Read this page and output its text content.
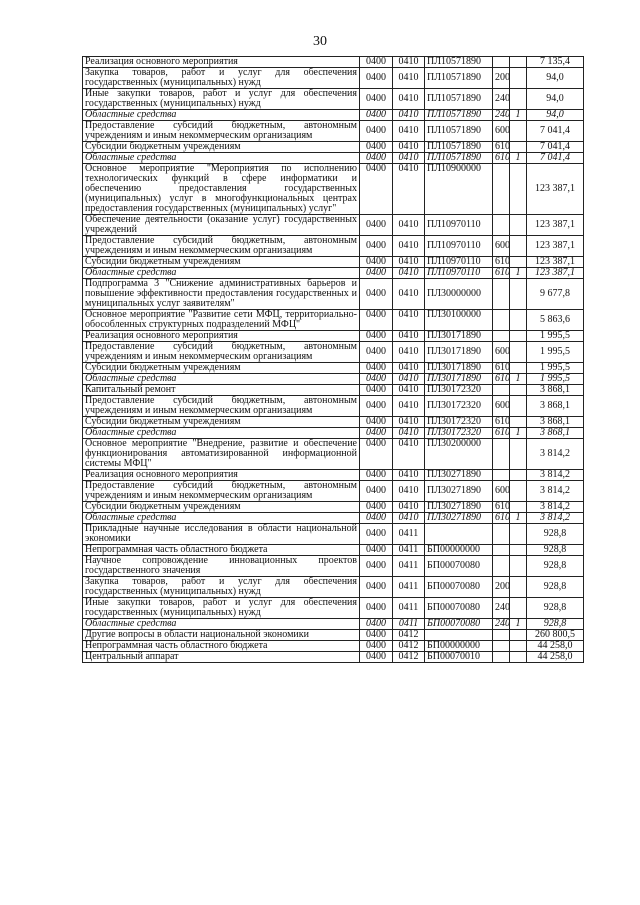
30
Реализация основного мероприятия	0400	0410	ПЛ10571890			7 135,4
Закупка товаров, работ и услуг для обеспечения государственных (муниципальных) нужд	0400	0410	ПЛ10571890	200		94,0
Иные закупки товаров, работ и услуг для обеспечения государственных (муниципальных) нужд	0400	0410	ПЛ10571890	240		94,0
Областные средства	0400	0410	ПЛ10571890	240	1	94,0
Предоставление субсидий бюджетным, автономным учреждениям и иным некоммерческим организациям	0400	0410	ПЛ10571890	600		7 041,4
Субсидии бюджетным учреждениям	0400	0410	ПЛ10571890	610		7 041,4
Областные средства	0400	0410	ПЛ10571890	610	1	7 041,4
Основное мероприятие "Мероприятия по исполнению технологических функций в сфере информатики и обеспечению предоставления государственных (муниципальных) услуг в многофункциональных центрах предоставления государственных (муниципальных) услуг"	0400	0410	ПЛ10900000			123 387,1
Обеспечение деятельности (оказание услуг) государственных учреждений	0400	0410	ПЛ10970110			123 387,1
Предоставление субсидий бюджетным, автономным учреждениям и иным некоммерческим организациям	0400	0410	ПЛ10970110	600		123 387,1
Субсидии бюджетным учреждениям	0400	0410	ПЛ10970110	610		123 387,1
Областные средства	0400	0410	ПЛ10970110	610	1	123 387,1
Подпрограмма 3 "Снижение административных барьеров и повышение эффективности предоставления государственных и муниципальных услуг заявителям"	0400	0410	ПЛ30000000			9 677,8
Основное мероприятие "Развитие сети МФЦ, территориально-обособленных структурных подразделений МФЦ"	0400	0410	ПЛ30100000			5 863,6
Реализация основного мероприятия	0400	0410	ПЛ30171890			1 995,5
Предоставление субсидий бюджетным, автономным учреждениям и иным некоммерческим организациям	0400	0410	ПЛ30171890	600		1 995,5
Субсидии бюджетным учреждениям	0400	0410	ПЛ30171890	610		1 995,5
Областные средства	0400	0410	ПЛ30171890	610	1	1 995,5
Капитальный ремонт	0400	0410	ПЛ30172320			3 868,1
Предоставление субсидий бюджетным, автономным учреждениям и иным некоммерческим организациям	0400	0410	ПЛ30172320	600		3 868,1
Субсидии бюджетным учреждениям	0400	0410	ПЛ30172320	610		3 868,1
Областные средства	0400	0410	ПЛ30172320	610	1	3 868,1
Основное мероприятие "Внедрение, развитие и обеспечение функционирования автоматизированной информационной системы МФЦ"	0400	0410	ПЛ30200000			3 814,2
Реализация основного мероприятия	0400	0410	ПЛ30271890			3 814,2
Предоставление субсидий бюджетным, автономным учреждениям и иным некоммерческим организациям	0400	0410	ПЛ30271890	600		3 814,2
Субсидии бюджетным учреждениям	0400	0410	ПЛ30271890	610		3 814,2
Областные средства	0400	0410	ПЛ30271890	610	1	3 814,2
Прикладные научные исследования в области национальной экономики	0400	0411				928,8
Непрограммная часть областного бюджета	0400	0411	БП00000000			928,8
Научное сопровождение инновационных проектов государственного значения	0400	0411	БП00070080			928,8
Закупка товаров, работ и услуг для обеспечения государственных (муниципальных) нужд	0400	0411	БП00070080	200		928,8
Иные закупки товаров, работ и услуг для обеспечения государственных (муниципальных) нужд	0400	0411	БП00070080	240		928,8
Областные средства	0400	0411	БП00070080	240	1	928,8
Другие вопросы в области национальной экономики	0400	0412				260 800,5
Непрограммная часть областного бюджета	0400	0412	БП00000000			44 258,0
Центральный аппарат	0400	0412	БП00070010			44 258,0
